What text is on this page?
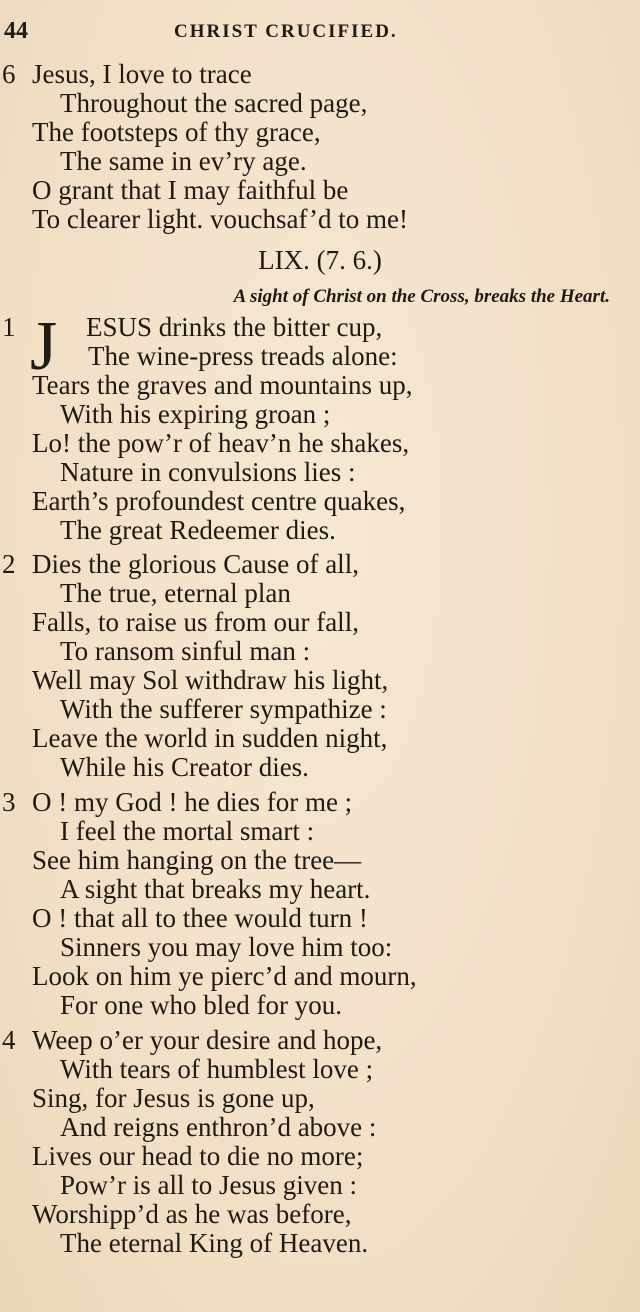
44	CHRIST CRUCIFIED.
6 Jesus, I love to trace
Throughout the sacred page,
The footsteps of thy grace,
The same in ev’ry age.
O grant that I may faithful be
To clearer light. vouchsaf’d to me!
LIX. (7. 6.)
A sight of Christ on the Cross, breaks the Heart.
J
1	ESUS drinks the bitter cup,
The wine-press treads alone:
Tears the graves and mountains up,
With his expiring groan ;
Lo! the pow’r of heav’n he shakes,
Nature in convulsions lies :
Earth’s profoundest centre quakes,
The great Redeemer dies.
2 Dies the glorious Cause of all,
The true, eternal plan
Falls, to raise us from our fall,
To ransom sinful man :
Well may Sol withdraw his light,
With the sufferer sympathize :
Leave the world in sudden night,
While his Creator dies.
3 O ! my God ! he dies for me ;
I feel the mortal smart :
See him hanging on the tree—
A sight that breaks my heart.
O ! that all to thee would turn !
Sinners you may love him too:
Look on him ye pierc’d and mourn,
For one who bled for you.
4 Weep o’er your desire and hope,
With tears of humblest love ;
Sing, for Jesus is gone up,
And reigns enthron’d above :
Lives our head to die no more;
Pow’r is all to Jesus given :
Worshipp’d as he was before,
The eternal King of Heaven.
